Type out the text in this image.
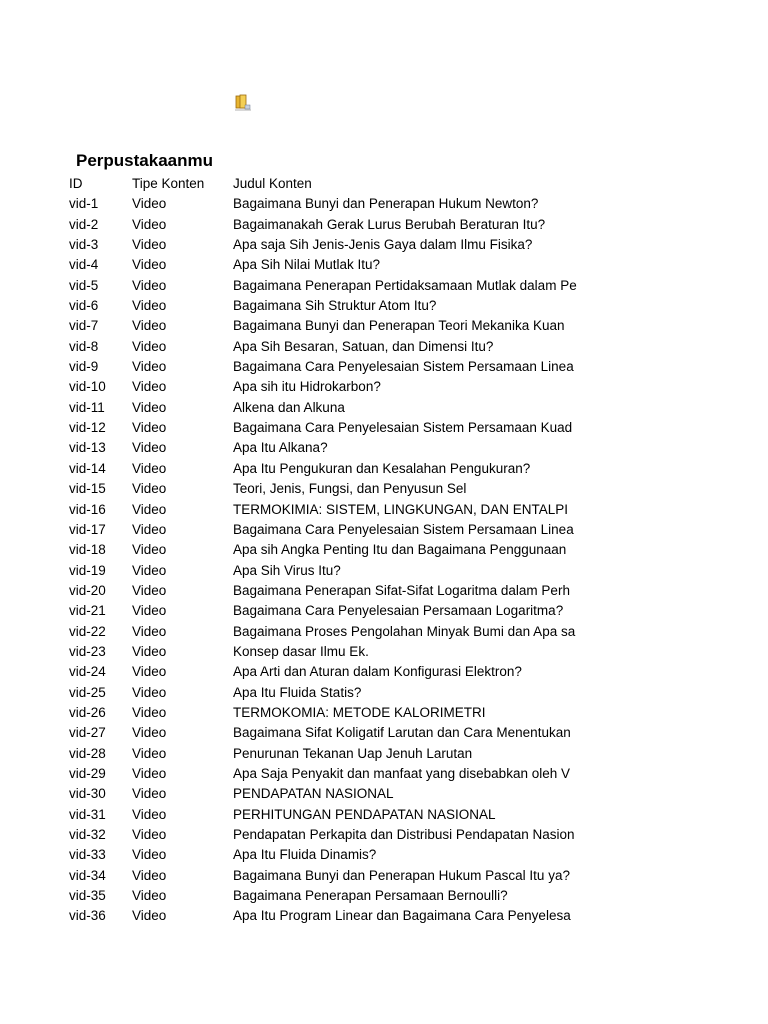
Perpustakaanmu
ID	Tipe Konten	Judul Konten
vid-1	Video	Bagaimana Bunyi dan Penerapan Hukum Newton?
vid-2	Video	Bagaimanakah Gerak Lurus Berubah Beraturan Itu?
vid-3	Video	Apa saja Sih Jenis-Jenis Gaya dalam Ilmu Fisika?
vid-4	Video	Apa Sih Nilai Mutlak Itu?
vid-5	Video	Bagaimana Penerapan Pertidaksamaan Mutlak dalam Pe
vid-6	Video	Bagaimana Sih Struktur Atom Itu?
vid-7	Video	Bagaimana Bunyi dan Penerapan Teori Mekanika Kuan
vid-8	Video	Apa Sih Besaran, Satuan, dan Dimensi Itu?
vid-9	Video	Bagaimana Cara Penyelesaian Sistem Persamaan Linea
vid-10	Video	Apa sih itu Hidrokarbon?
vid-11	Video	Alkena dan Alkuna
vid-12	Video	Bagaimana Cara Penyelesaian Sistem Persamaan Kuad
vid-13	Video	Apa Itu Alkana?
vid-14	Video	Apa Itu Pengukuran dan Kesalahan Pengukuran?
vid-15	Video	Teori, Jenis, Fungsi, dan Penyusun Sel
vid-16	Video	TERMOKIMIA: SISTEM, LINGKUNGAN, DAN ENTALPI
vid-17	Video	Bagaimana Cara Penyelesaian Sistem Persamaan Linea
vid-18	Video	Apa sih Angka Penting Itu dan Bagaimana Penggunaan
vid-19	Video	Apa Sih Virus Itu?
vid-20	Video	Bagaimana Penerapan Sifat-Sifat Logaritma dalam Perh
vid-21	Video	Bagaimana Cara Penyelesaian Persamaan Logaritma?
vid-22	Video	Bagaimana Proses Pengolahan Minyak Bumi dan Apa sa
vid-23	Video	Konsep dasar Ilmu Ek.
vid-24	Video	Apa Arti dan Aturan dalam Konfigurasi Elektron?
vid-25	Video	Apa Itu Fluida Statis?
vid-26	Video	TERMOKOMIA: METODE KALORIMETRI
vid-27	Video	Bagaimana Sifat Koligatif Larutan dan Cara Menentukan
vid-28	Video	Penurunan Tekanan Uap Jenuh Larutan
vid-29	Video	Apa Saja Penyakit dan manfaat yang disebabkan oleh V
vid-30	Video	PENDAPATAN NASIONAL
vid-31	Video	PERHITUNGAN PENDAPATAN NASIONAL
vid-32	Video	Pendapatan Perkapita dan Distribusi Pendapatan Nasion
vid-33	Video	Apa Itu Fluida Dinamis?
vid-34	Video	Bagaimana Bunyi dan Penerapan Hukum Pascal Itu ya?
vid-35	Video	Bagaimana Penerapan Persamaan Bernoulli?
vid-36	Video	Apa Itu Program Linear dan Bagaimana Cara Penyelesa
